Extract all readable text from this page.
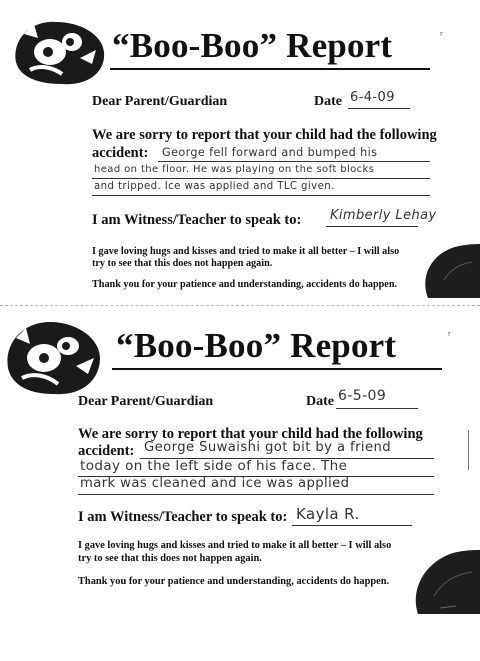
“Boo-Boo” Report	ʳ
Dear Parent/Guardian	Date 6-4-09
We are sorry to report that your child had the following
accident: George fell forward and bumped his
head on the floor. He was playing on the soft blocks
and tripped. Ice was applied and TLC given.
I am Witness/Teacher to speak to: Kimberly Lehay
I gave loving hugs and kisses and tried to make it all better – I will also
try to see that this does not happen again.
Thank you for your patience and understanding, accidents do happen.
“Boo-Boo” Report	ʳ
Dear Parent/Guardian	Date 6-5-09
We are sorry to report that your child had the following
accident: George Suwaishi got bit by a friend
today on the left side of his face. The
mark was cleaned and ice was applied
I am Witness/Teacher to speak to: Kayla R.
I gave loving hugs and kisses and tried to make it all better – I will also
try to see that this does not happen again.
Thank you for your patience and understanding, accidents do happen.
